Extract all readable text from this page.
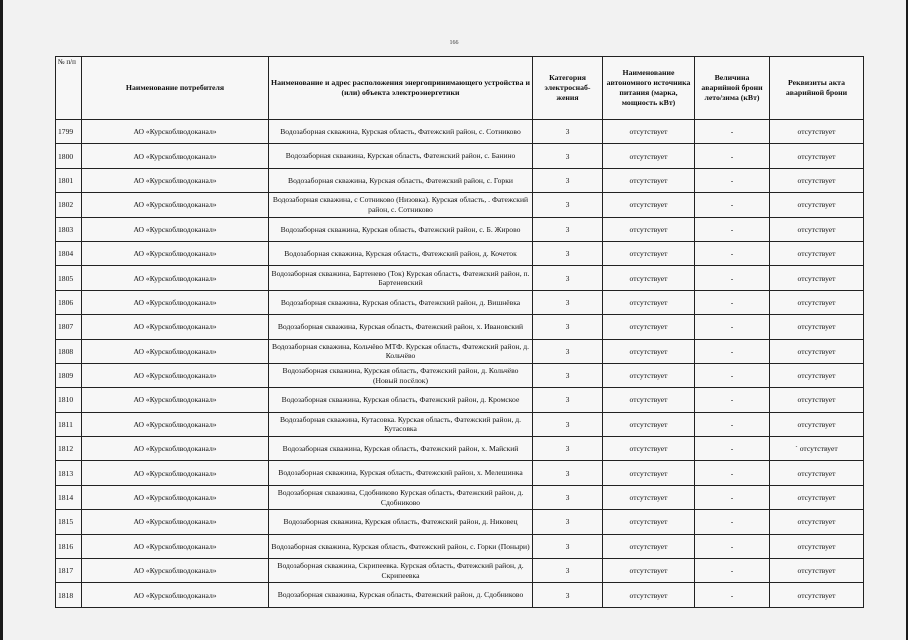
166
№ п/п	Наименование потребителя	Наименование и адрес расположения энергопринимающего устройства и (или) объекта электроэнергетики	Категория электроснаб-жения	Наименование автономного источника питания (марка, мощность кВт)	Величина аварийной брони лето/зима (кВт)	Реквизиты акта аварийной брони
1799	АО «Курскоблводоканал»	Водозаборная скважина, Курская область, Фатежский район, с. Сотниково	3	отсутствует	-	отсутствует
1800	АО «Курскоблводоканал»	Водозаборная скважина, Курская область, Фатежский район, с. Банино	3	отсутствует	-	отсутствует
1801	АО «Курскоблводоканал»	Водозаборная скважина, Курская область, Фатежский район, с. Горки	3	отсутствует	-	отсутствует
1802	АО «Курскоблводоканал»	Водозаборная скважина, с Сотниково (Низовка). Курская область, . Фатежский район, с. Сотниково	3	отсутствует	-	отсутствует
1803	АО «Курскоблводоканал»	Водозаборная скважина, Курская область, Фатежский район, с. Б. Жирово	3	отсутствует	-	отсутствует
1804	АО «Курскоблводоканал»	Водозаборная скважина, Курская область, Фатежский район, д. Кочеток	3	отсутствует	-	отсутствует
1805	АО «Курскоблводоканал»	Водозаборная скважина, Бартенево (Ток) Курская область, Фатежский район, п. Бартеневский	3	отсутствует	-	отсутствует
1806	АО «Курскоблводоканал»	Водозаборная скважина, Курская область, Фатежский район, д. Вишнёвка	3	отсутствует	-	отсутствует
1807	АО «Курскоблводоканал»	Водозаборная скважина, Курская область, Фатежский район, х. Ивановский	3	отсутствует	-	отсутствует
1808	АО «Курскоблводоканал»	Водозаборная скважина, Кольчёво МТФ. Курская область, Фатежский район, д. Кольчёво	3	отсутствует	-	отсутствует
1809	АО «Курскоблводоканал»	Водозаборная скважина, Курская область, Фатежский район, д. Кольчёво (Новый посёлок)	3	отсутствует	-	отсутствует
1810	АО «Курскоблводоканал»	Водозаборная скважина, Курская область, Фатежский район, д. Кромское	3	отсутствует	-	отсутствует
1811	АО «Курскоблводоканал»	Водозаборная скважина, Кутасовка. Курская область, Фатежский район, д. Кутасовка	3	отсутствует	-	отсутствует
1812	АО «Курскоблводоканал»	Водозаборная скважина, Курская область, Фатежский район, х. Майский	3	отсутствует	-	` отсутствует
1813	АО «Курскоблводоканал»	Водозаборная скважина, Курская область, Фатежский район, х. Мелешинка	3	отсутствует	-	отсутствует
1814	АО «Курскоблводоканал»	Водозаборная скважина, Сдобниково Курская область, Фатежский район, д. Сдобниково	3	отсутствует	-	отсутствует
1815	АО «Курскоблводоканал»	Водозаборная скважина, Курская область, Фатежский район, д. Никовец	3	отсутствует	-	отсутствует
1816	АО «Курскоблводоканал»	Водозаборная скважина, Курская область, Фатежский район, с. Горки (Поныри)	3	отсутствует	-	отсутствует
1817	АО «Курскоблводоканал»	Водозаборная скважина, Скрипеевка. Курская область, Фатежский район, д. Скрипеевка	3	отсутствует	-	отсутствует
1818	АО «Курскоблводоканал»	Водозаборная скважина, Курская область, Фатежский район, д. Сдобниково	3	отсутствует	-	отсутствует
